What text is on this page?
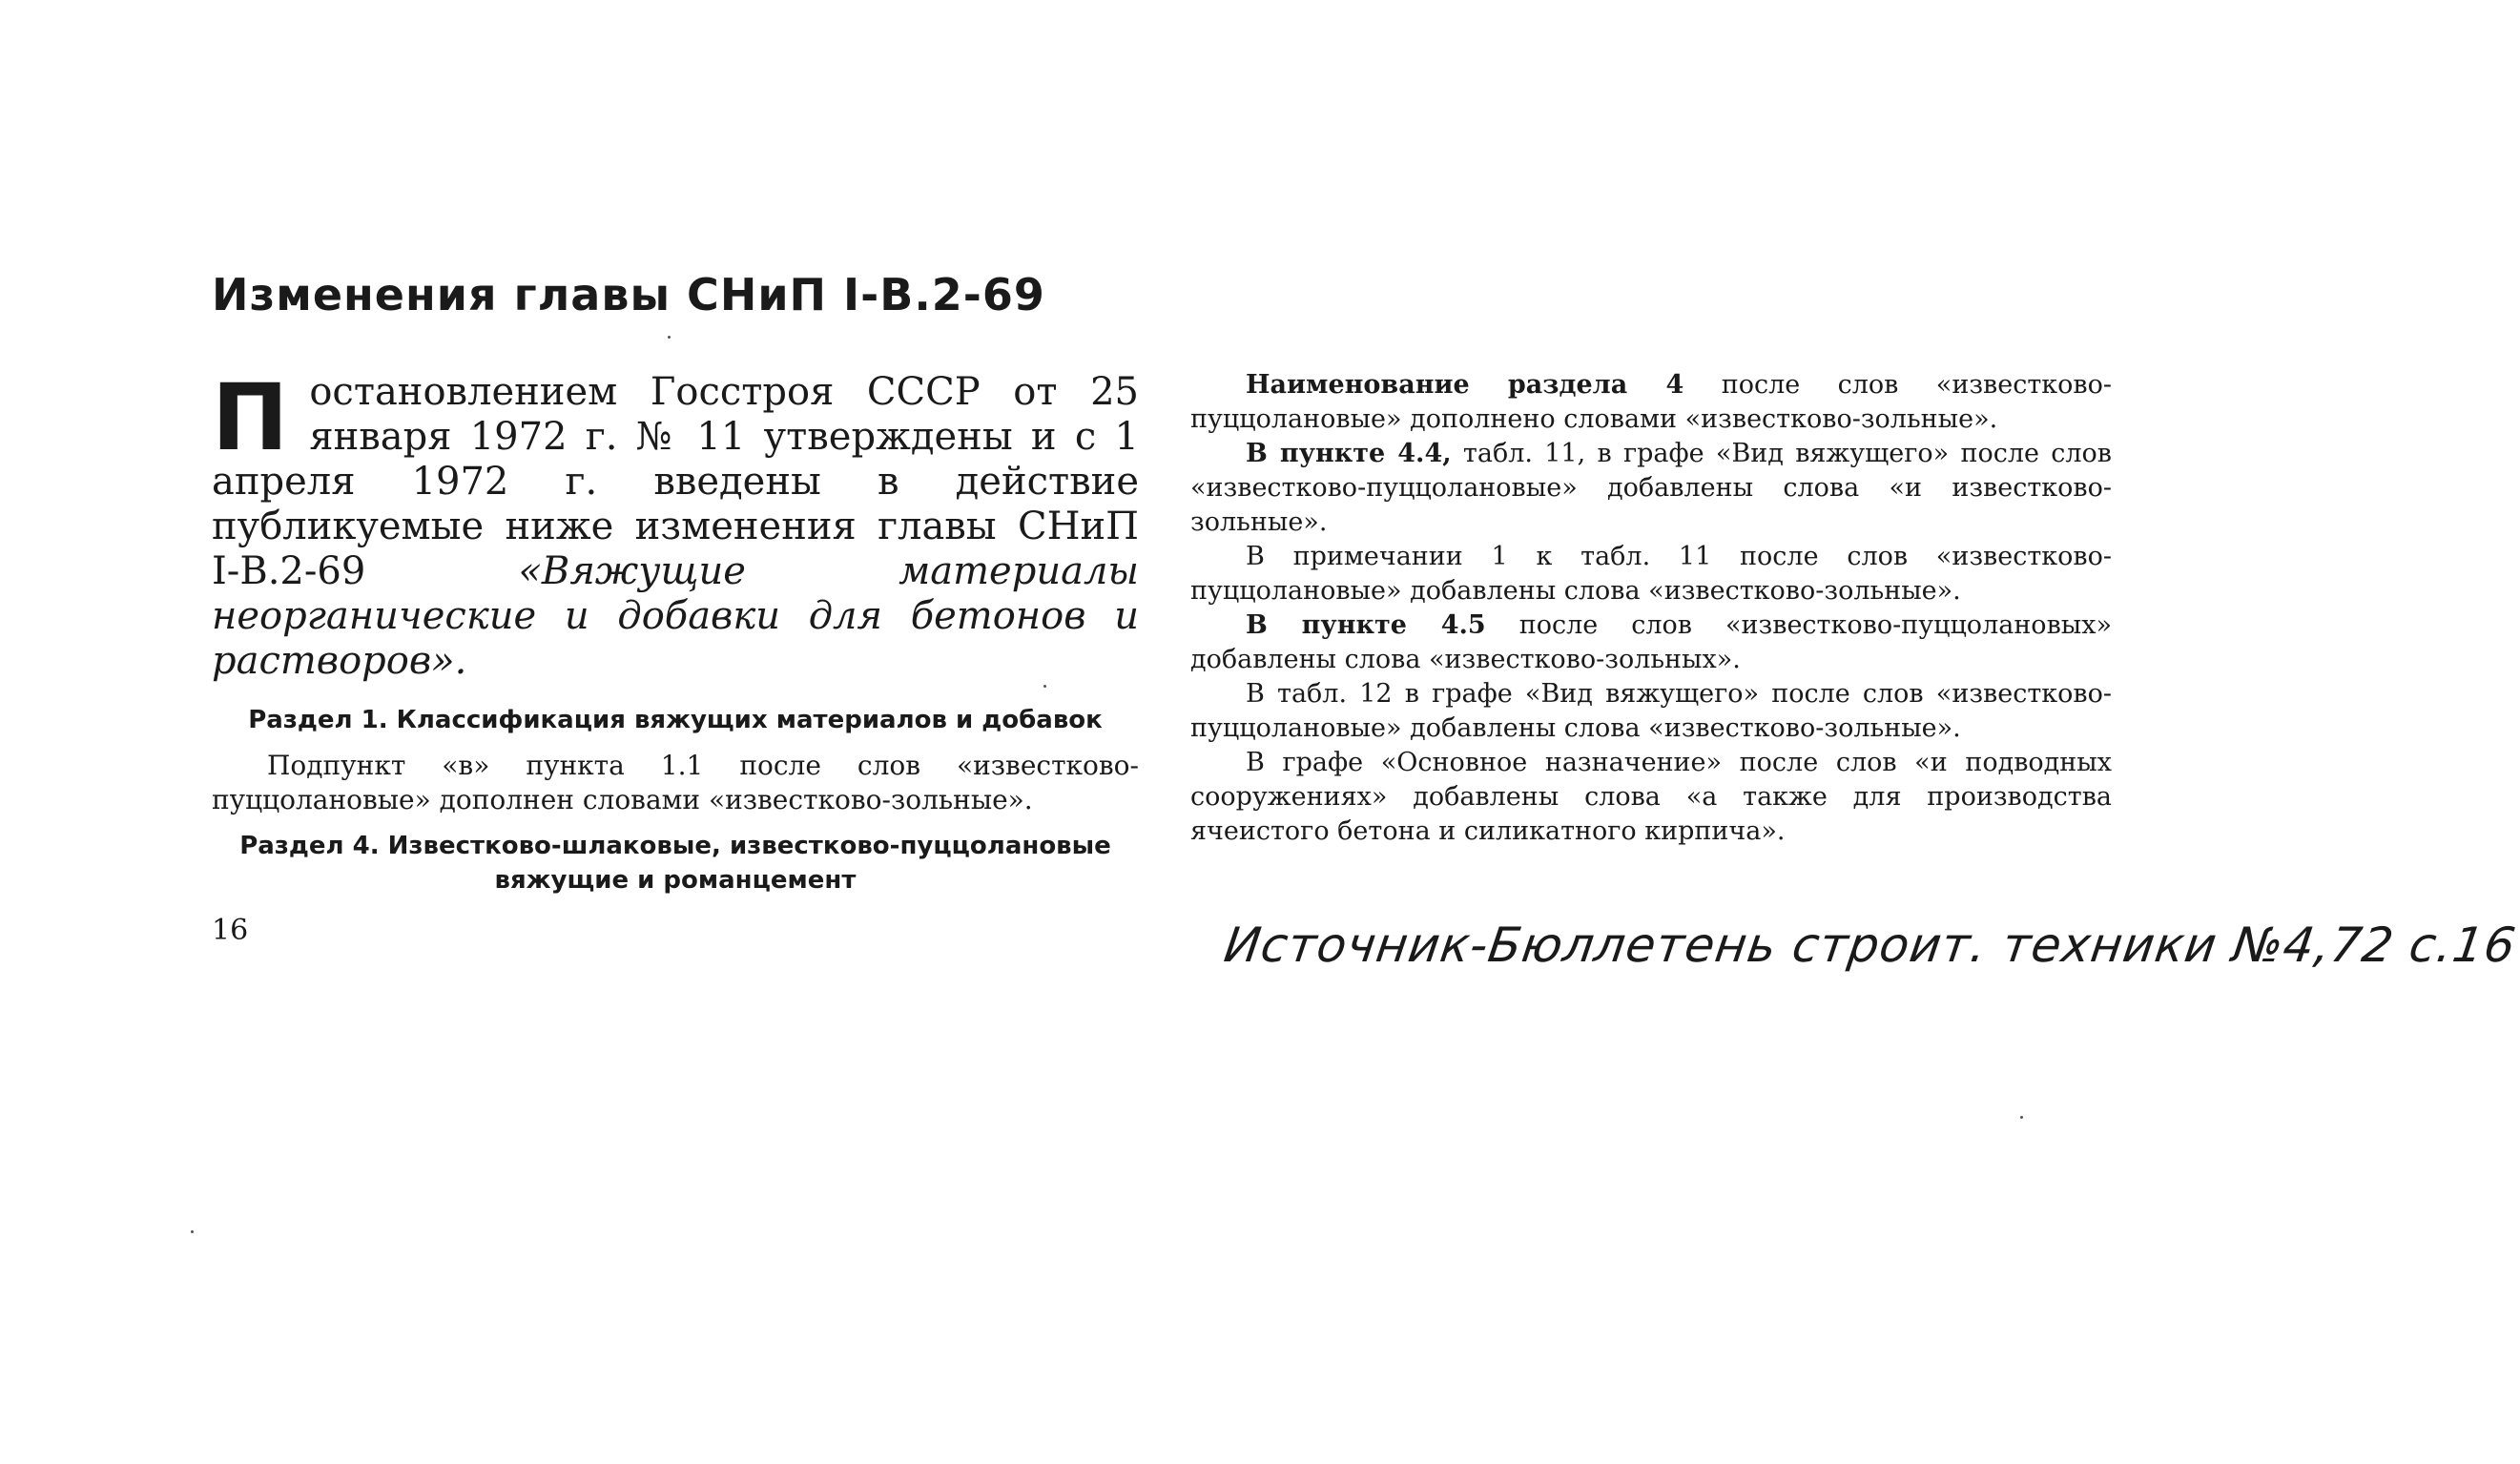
Изменения главы СНиП I-В.2-69
П остановлением Госстроя СССР от 25 января 1972 г. № 11 утверждены и с 1 апреля 1972 г. введены в действие публикуемые ниже изменения главы СНиП I-В.2-69 «Вяжущие материалы неорганические и добавки для бетонов и растворов».
Раздел 1. Классификация вяжущих материалов и добавок

Подпункт «в» пункта 1.1 после слов «известково-пуццолановые» дополнен словами «известково-зольные».

Раздел 4. Известково-шлаковые, известково-пуццолановые вяжущие и романцемент
16

Наименование раздела 4 после слов «известково-пуццолановые» дополнено словами «известково-зольные».

В пункте 4.4, табл. 11, в графе «Вид вяжущего» после слов «известково-пуццолановые» добавлены слова «и известково-зольные».

В примечании 1 к табл. 11 после слов «известково-пуццолановые» добавлены слова «известково-зольные».

В пункте 4.5 после слов «известково-пуццолановых» добавлены слова «известково-зольных».

В табл. 12 в графе «Вид вяжущего» после слов «известково-пуццолановые» добавлены слова «известково-зольные».

В графе «Основное назначение» после слов «и подводных сооружениях» добавлены слова «а также для производства ячеистого бетона и силикатного кирпича».

Источник-Бюллетень строит. техники №4,72 с.16
